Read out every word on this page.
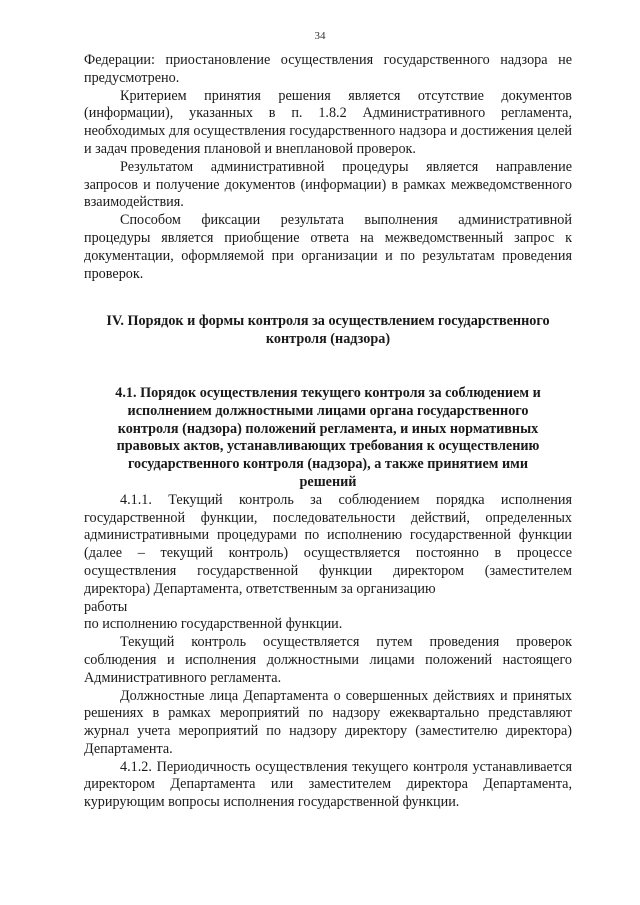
34

Федерации: приостановление осуществления государственного надзора не предусмотрено.

Критерием принятия решения является отсутствие документов (информации), указанных в п. 1.8.2 Административного регламента, необходимых для осуществления государственного надзора и достижения целей и задач проведения плановой и внеплановой проверок.

Результатом административной процедуры является направление запросов и получение документов (информации) в рамках межведомственного взаимодействия.

Способом фиксации результата выполнения административной процедуры является приобщение ответа на межведомственный запрос к документации, оформляемой при организации и по результатам проведения проверок.

IV. Порядок и формы контроля за осуществлением государственного
контроля (надзора)
4.1. Порядок осуществления текущего контроля за соблюдением и
исполнением должностными лицами органа государственного
контроля (надзора) положений регламента, и иных нормативных
правовых актов, устанавливающих требования к осуществлению
государственного контроля (надзора), а также принятием ими
решений

4.1.1. Текущий контроль за соблюдением порядка исполнения государственной функции, последовательности действий, определенных административными процедурами по исполнению государственной функции (далее – текущий контроль) осуществляется постоянно в процессе осуществления государственной функции директором (заместителем директора) Департамента, ответственным за организацию

работы
по исполнению государственной функции.

Текущий контроль осуществляется путем проведения проверок соблюдения и исполнения должностными лицами положений настоящего Административного регламента.

Должностные лица Департамента о совершенных действиях и принятых решениях в рамках мероприятий по надзору ежеквартально представляют журнал учета мероприятий по надзору директору (заместителю директора) Департамента.

4.1.2. Периодичность осуществления текущего контроля устанавливается директором Департамента или заместителем директора Департамента, курирующим вопросы исполнения государственной функции.
